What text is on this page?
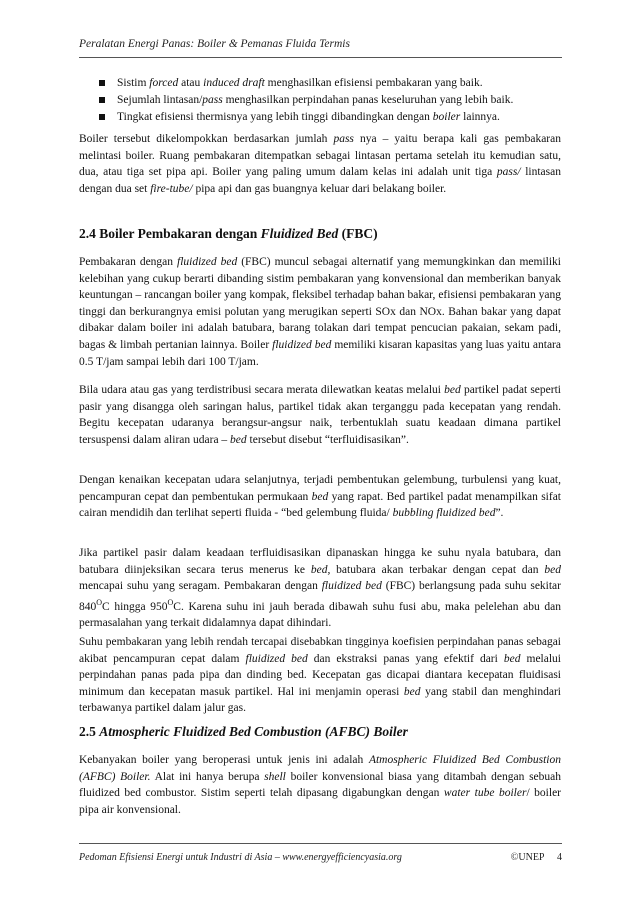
Peralatan Energi Panas: Boiler & Pemanas Fluida Termis
Sistim forced atau induced draft menghasilkan efisiensi pembakaran yang baik.
Sejumlah lintasan/pass menghasilkan perpindahan panas keseluruhan yang lebih baik.
Tingkat efisiensi thermisnya yang lebih tinggi dibandingkan dengan boiler lainnya.

Boiler tersebut dikelompokkan berdasarkan jumlah pass nya – yaitu berapa kali gas pembakaran melintasi boiler. Ruang pembakaran ditempatkan sebagai lintasan pertama setelah itu kemudian satu, dua, atau tiga set pipa api. Boiler yang paling umum dalam kelas ini adalah unit tiga pass/ lintasan dengan dua set fire-tube/ pipa api dan gas buangnya keluar dari belakang boiler.

2.4 Boiler Pembakaran dengan Fluidized Bed (FBC)

Pembakaran dengan fluidized bed (FBC) muncul sebagai alternatif yang memungkinkan dan memiliki kelebihan yang cukup berarti dibanding sistim pembakaran yang konvensional dan memberikan banyak keuntungan – rancangan boiler yang kompak, fleksibel terhadap bahan bakar, efisiensi pembakaran yang tinggi dan berkurangnya emisi polutan yang merugikan seperti SOx dan NOx. Bahan bakar yang dapat dibakar dalam boiler ini adalah batubara, barang tolakan dari tempat pencucian pakaian, sekam padi, bagas & limbah pertanian lainnya. Boiler fluidized bed memiliki kisaran kapasitas yang luas yaitu antara 0.5 T/jam sampai lebih dari 100 T/jam.

Bila udara atau gas yang terdistribusi secara merata dilewatkan keatas melalui bed partikel padat seperti pasir yang disangga oleh saringan halus, partikel tidak akan terganggu pada kecepatan yang rendah. Begitu kecepatan udaranya berangsur-angsur naik, terbentuklah suatu keadaan dimana partikel tersuspensi dalam aliran udara – bed tersebut disebut “terfluidisasikan”.

Dengan kenaikan kecepatan udara selanjutnya, terjadi pembentukan gelembung, turbulensi yang kuat, pencampuran cepat dan pembentukan permukaan bed yang rapat. Bed partikel padat menampilkan sifat cairan mendidih dan terlihat seperti fluida - “bed gelembung fluida/ bubbling fluidized bed”.

Jika partikel pasir dalam keadaan terfluidisasikan dipanaskan hingga ke suhu nyala batubara, dan batubara diinjeksikan secara terus menerus ke bed, batubara akan terbakar dengan cepat dan bed mencapai suhu yang seragam. Pembakaran dengan fluidized bed (FBC) berlangsung pada suhu sekitar $840^OC$ hingga $950^OC$. Karena suhu ini jauh berada dibawah suhu fusi abu, maka pelelehan abu dan permasalahan yang terkait didalamnya dapat dihindari.

Suhu pembakaran yang lebih rendah tercapai disebabkan tingginya koefisien perpindahan panas sebagai akibat pencampuran cepat dalam fluidized bed dan ekstraksi panas yang efektif dari bed melalui perpindahan panas pada pipa dan dinding bed. Kecepatan gas dicapai diantara kecepatan fluidisasi minimum dan kecepatan masuk partikel. Hal ini menjamin operasi bed yang stabil dan menghindari terbawanya partikel dalam jalur gas.

2.5 Atmospheric Fluidized Bed Combustion (AFBC) Boiler

Kebanyakan boiler yang beroperasi untuk jenis ini adalah Atmospheric Fluidized Bed Combustion (AFBC) Boiler. Alat ini hanya berupa shell boiler konvensional biasa yang ditambah dengan sebuah fluidized bed combustor. Sistim seperti telah dipasang digabungkan dengan water tube boiler/ boiler pipa air konvensional.

Pedoman Efisiensi Energi untuk Industri di Asia – www.energyefficiencyasia.org	©UNEP 4
